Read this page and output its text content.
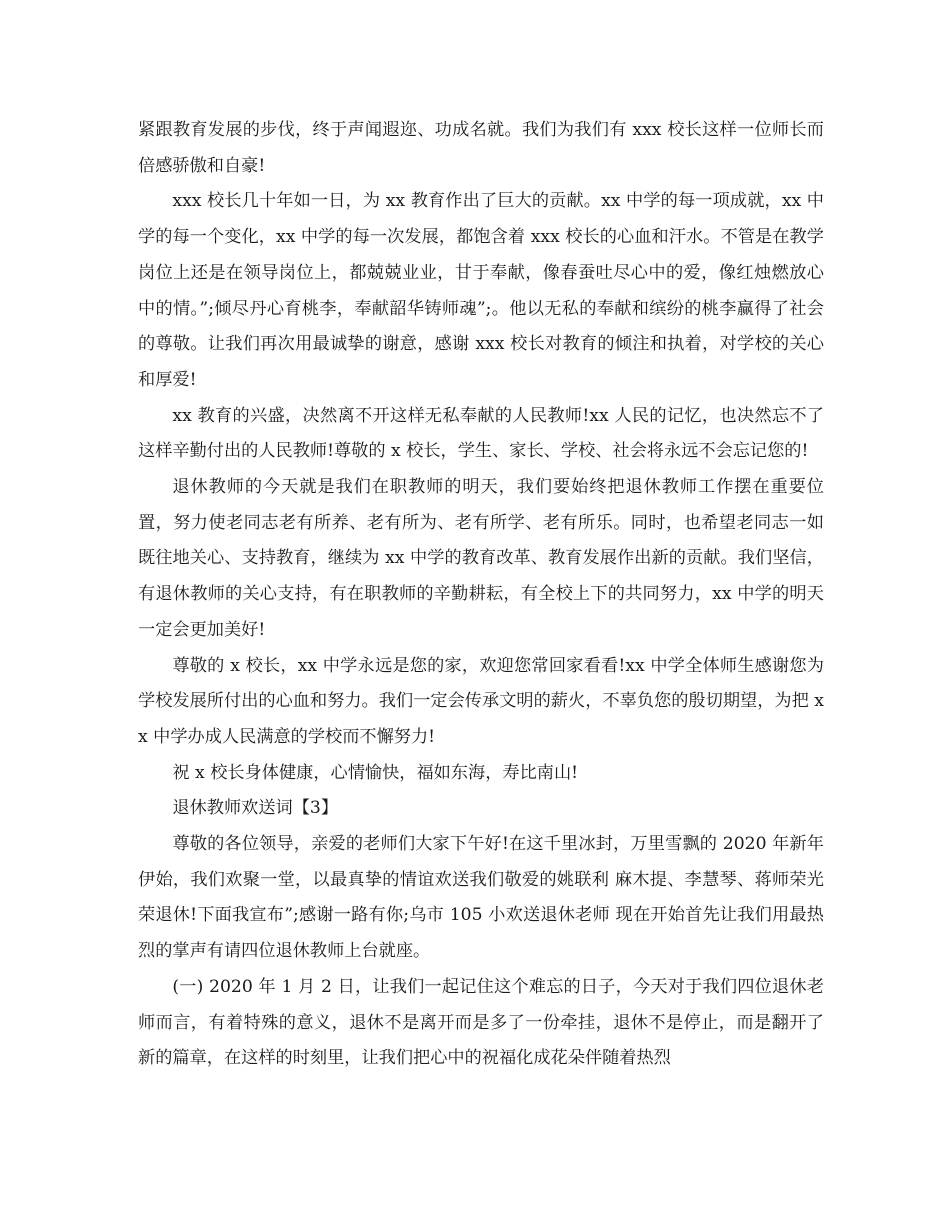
紧跟教育发展的步伐，终于声闻遐迩、功成名就。我们为我们有 xxx 校长这样一位师长而倍感骄傲和自豪!

xxx 校长几十年如一日，为 xx 教育作出了巨大的贡献。xx 中学的每一项成就，xx 中学的每一个变化，xx 中学的每一次发展，都饱含着 xxx 校长的心血和汗水。不管是在教学岗位上还是在领导岗位上，都兢兢业业，甘于奉献，像春蚕吐尽心中的爱，像红烛燃放心中的情。”;倾尽丹心育桃李，奉献韶华铸师魂”;。他以无私的奉献和缤纷的桃李赢得了社会的尊敬。让我们再次用最诚挚的谢意，感谢 xxx 校长对教育的倾注和执着，对学校的关心和厚爱!

xx 教育的兴盛，决然离不开这样无私奉献的人民教师!xx 人民的记忆，也决然忘不了这样辛勤付出的人民教师!尊敬的 x 校长，学生、家长、学校、社会将永远不会忘记您的!

退休教师的今天就是我们在职教师的明天，我们要始终把退休教师工作摆在重要位置，努力使老同志老有所养、老有所为、老有所学、老有所乐。同时，也希望老同志一如既往地关心、支持教育，继续为 xx 中学的教育改革、教育发展作出新的贡献。我们坚信，有退休教师的关心支持，有在职教师的辛勤耕耘，有全校上下的共同努力，xx 中学的明天一定会更加美好!

尊敬的 x 校长，xx 中学永远是您的家，欢迎您常回家看看!xx 中学全体师生感谢您为学校发展所付出的心血和努力。我们一定会传承文明的薪火，不辜负您的殷切期望，为把 xx 中学办成人民满意的学校而不懈努力!

祝 x 校长身体健康，心情愉快，福如东海，寿比南山!

退休教师欢送词【3】

尊敬的各位领导，亲爱的老师们大家下午好!在这千里冰封，万里雪飘的 2020 年新年伊始，我们欢聚一堂，以最真挚的情谊欢送我们敬爱的姚联利 麻木提、李慧琴、蒋师荣光荣退休!下面我宣布”;感谢一路有你;乌市 105 小欢送退休老师 现在开始首先让我们用最热烈的掌声有请四位退休教师上台就座。

(一) 2020 年 1 月 2 日，让我们一起记住这个难忘的日子，今天对于我们四位退休老师而言，有着特殊的意义，退休不是离开而是多了一份牵挂，退休不是停止，而是翻开了新的篇章，在这样的时刻里，让我们把心中的祝福化成花朵伴随着热烈
